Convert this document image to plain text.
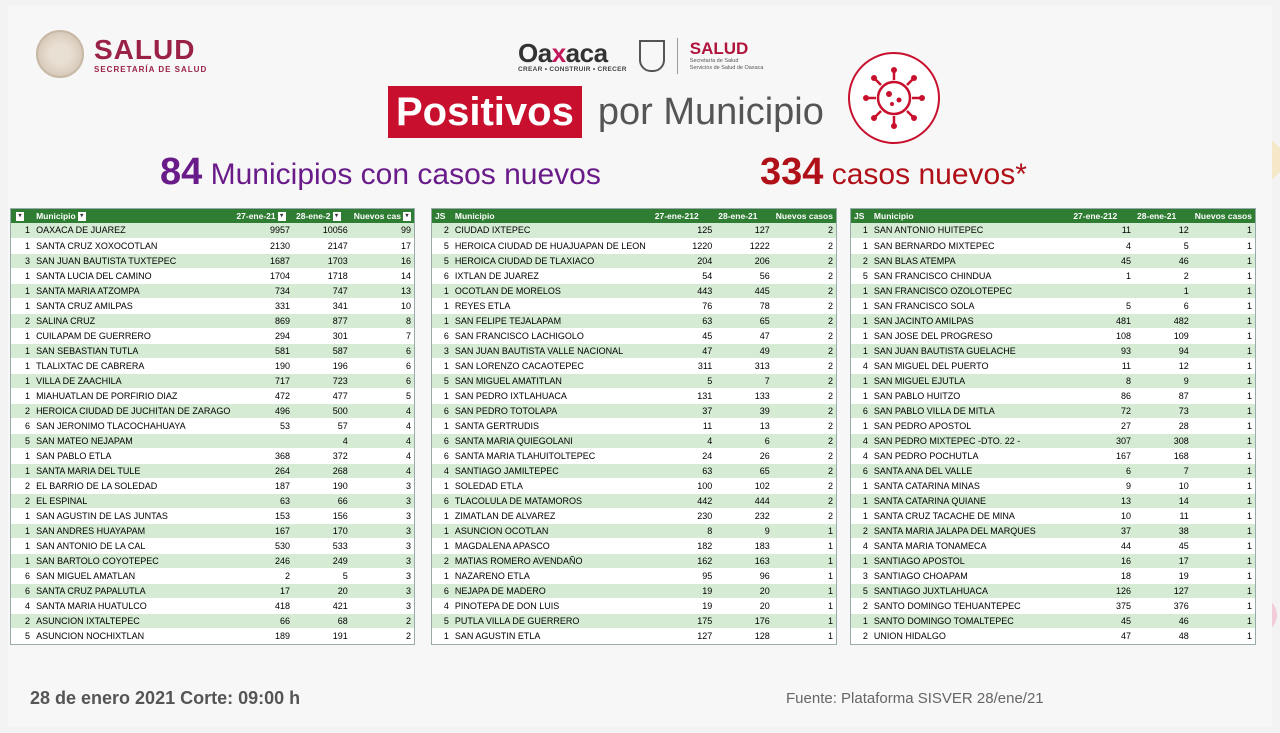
SALUD
SECRETARÍA DE SALUD
Oaxaca
CREAR • CONSTRUIR • CRECER
SALUD
Secretaría de Salud
Servicios de Salud de Oaxaca
Positivos por Municipio
84 Municipios con casos nuevos	334 casos nuevos*
▾	Municipio ▾	27-ene-21 ▾	28-ene-2 ▾	Nuevos cas ▾
1	OAXACA DE JUAREZ	9957	10056	99
1	SANTA CRUZ XOXOCOTLAN	2130	2147	17
3	SAN JUAN BAUTISTA TUXTEPEC	1687	1703	16
1	SANTA LUCIA DEL CAMINO	1704	1718	14
1	SANTA MARIA ATZOMPA	734	747	13
1	SANTA CRUZ AMILPAS	331	341	10
2	SALINA CRUZ	869	877	8
1	CUILAPAM DE GUERRERO	294	301	7
1	SAN SEBASTIAN TUTLA	581	587	6
1	TLALIXTAC DE CABRERA	190	196	6
1	VILLA DE ZAACHILA	717	723	6
1	MIAHUATLAN DE PORFIRIO DIAZ	472	477	5
2	HEROICA CIUDAD DE JUCHITAN DE ZARAGO	496	500	4
6	SAN JERONIMO TLACOCHAHUAYA	53	57	4
5	SAN MATEO NEJAPAM		4	4
1	SAN PABLO ETLA	368	372	4
1	SANTA MARIA DEL TULE	264	268	4
2	EL BARRIO DE LA SOLEDAD	187	190	3
2	EL ESPINAL	63	66	3
1	SAN AGUSTIN DE LAS JUNTAS	153	156	3
1	SAN ANDRES HUAYAPAM	167	170	3
1	SAN ANTONIO DE LA CAL	530	533	3
1	SAN BARTOLO COYOTEPEC	246	249	3
6	SAN MIGUEL AMATLAN	2	5	3
6	SANTA CRUZ PAPALUTLA	17	20	3
4	SANTA MARIA HUATULCO	418	421	3
2	ASUNCION IXTALTEPEC	66	68	2
5	ASUNCION NOCHIXTLAN	189	191	2
JS	Municipio	27-ene-212	28-ene-21	Nuevos casos
2	CIUDAD IXTEPEC	125	127	2
5	HEROICA CIUDAD DE HUAJUAPAN DE LEON	1220	1222	2
5	HEROICA CIUDAD DE TLAXIACO	204	206	2
6	IXTLAN DE JUAREZ	54	56	2
1	OCOTLAN DE MORELOS	443	445	2
1	REYES ETLA	76	78	2
1	SAN FELIPE TEJALAPAM	63	65	2
6	SAN FRANCISCO LACHIGOLO	45	47	2
3	SAN JUAN BAUTISTA VALLE NACIONAL	47	49	2
1	SAN LORENZO CACAOTEPEC	311	313	2
5	SAN MIGUEL AMATITLAN	5	7	2
1	SAN PEDRO IXTLAHUACA	131	133	2
6	SAN PEDRO TOTOLAPA	37	39	2
1	SANTA GERTRUDIS	11	13	2
6	SANTA MARIA QUIEGOLANI	4	6	2
6	SANTA MARIA TLAHUITOLTEPEC	24	26	2
4	SANTIAGO JAMILTEPEC	63	65	2
1	SOLEDAD ETLA	100	102	2
6	TLACOLULA DE MATAMOROS	442	444	2
1	ZIMATLAN DE ALVAREZ	230	232	2
1	ASUNCION OCOTLAN	8	9	1
1	MAGDALENA APASCO	182	183	1
2	MATIAS ROMERO AVENDAÑO	162	163	1
1	NAZARENO ETLA	95	96	1
6	NEJAPA DE MADERO	19	20	1
4	PINOTEPA DE DON LUIS	19	20	1
5	PUTLA VILLA DE GUERRERO	175	176	1
1	SAN AGUSTIN ETLA	127	128	1
JS	Municipio	27-ene-212	28-ene-21	Nuevos casos
1	SAN ANTONIO HUITEPEC	11	12	1
1	SAN BERNARDO MIXTEPEC	4	5	1
2	SAN BLAS ATEMPA	45	46	1
5	SAN FRANCISCO CHINDUA	1	2	1
1	SAN FRANCISCO OZOLOTEPEC		1	1
1	SAN FRANCISCO SOLA	5	6	1
1	SAN JACINTO AMILPAS	481	482	1
1	SAN JOSE DEL PROGRESO	108	109	1
1	SAN JUAN BAUTISTA GUELACHE	93	94	1
4	SAN MIGUEL DEL PUERTO	11	12	1
1	SAN MIGUEL EJUTLA	8	9	1
1	SAN PABLO HUITZO	86	87	1
6	SAN PABLO VILLA DE MITLA	72	73	1
1	SAN PEDRO APOSTOL	27	28	1
4	SAN PEDRO MIXTEPEC -DTO. 22 -	307	308	1
4	SAN PEDRO POCHUTLA	167	168	1
6	SANTA ANA DEL VALLE	6	7	1
1	SANTA CATARINA MINAS	9	10	1
1	SANTA CATARINA QUIANE	13	14	1
1	SANTA CRUZ TACACHE DE MINA	10	11	1
2	SANTA MARIA JALAPA DEL MARQUES	37	38	1
4	SANTA MARIA TONAMECA	44	45	1
1	SANTIAGO APOSTOL	16	17	1
3	SANTIAGO CHOAPAM	18	19	1
5	SANTIAGO JUXTLAHUACA	126	127	1
2	SANTO DOMINGO TEHUANTEPEC	375	376	1
1	SANTO DOMINGO TOMALTEPEC	45	46	1
2	UNION HIDALGO	47	48	1
28 de enero 2021 Corte: 09:00 h	Fuente: Plataforma SISVER 28/ene/21
